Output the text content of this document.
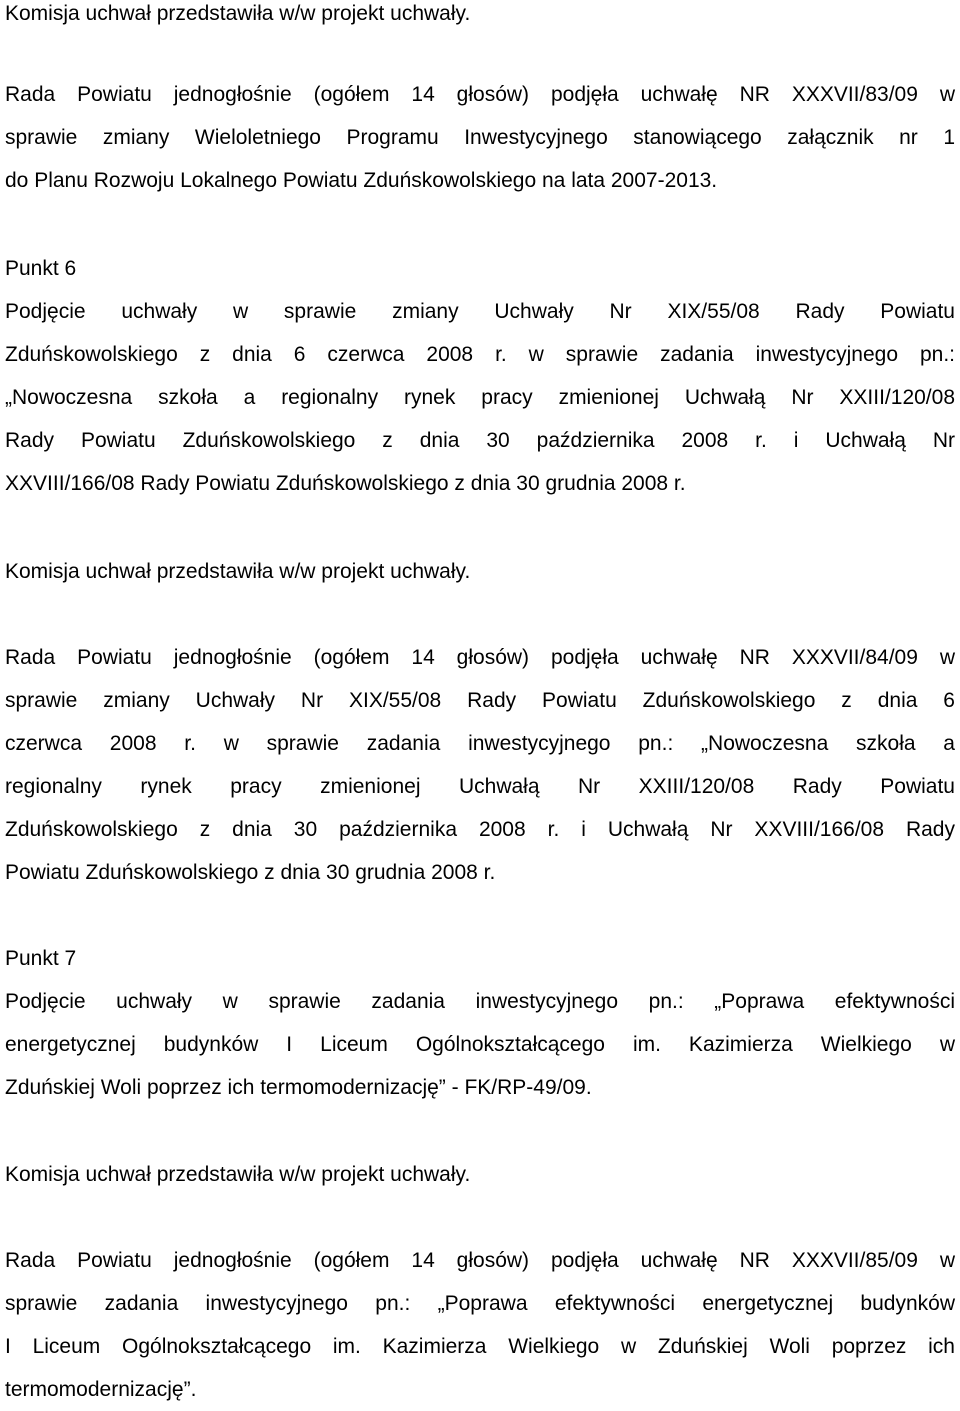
Komisja uchwał przedstawiła w/w projekt uchwały.

Rada Powiatu jednogłośnie (ogółem 14 głosów) podjęła uchwałę NR XXXVII/83/09 w
sprawie zmiany Wieloletniego Programu Inwestycyjnego stanowiącego załącznik nr 1
do Planu Rozwoju Lokalnego Powiatu Zduńskowolskiego na lata 2007-2013.

Punkt 6
Podjęcie uchwały w sprawie zmiany Uchwały Nr XIX/55/08 Rady Powiatu
Zduńskowolskiego z dnia 6 czerwca 2008 r. w sprawie zadania inwestycyjnego pn.:
„Nowoczesna szkoła a regionalny rynek pracy zmienionej Uchwałą Nr XXIII/120/08
Rady Powiatu Zduńskowolskiego z dnia 30 października 2008 r. i Uchwałą Nr
XXVIII/166/08 Rady Powiatu Zduńskowolskiego z dnia 30 grudnia 2008 r.

Komisja uchwał przedstawiła w/w projekt uchwały.

Rada Powiatu jednogłośnie (ogółem 14 głosów) podjęła uchwałę NR XXXVII/84/09 w
sprawie zmiany Uchwały Nr XIX/55/08 Rady Powiatu Zduńskowolskiego z dnia 6
czerwca 2008 r. w sprawie zadania inwestycyjnego pn.: „Nowoczesna szkoła a
regionalny rynek pracy zmienionej Uchwałą Nr XXIII/120/08 Rady Powiatu
Zduńskowolskiego z dnia 30 października 2008 r. i Uchwałą Nr XXVIII/166/08 Rady
Powiatu Zduńskowolskiego z dnia 30 grudnia 2008 r.

Punkt 7
Podjęcie uchwały w sprawie zadania inwestycyjnego pn.: „Poprawa efektywności
energetycznej budynków I Liceum Ogólnokształcącego im. Kazimierza Wielkiego w
Zduńskiej Woli poprzez ich termomodernizację” - FK/RP-49/09.

Komisja uchwał przedstawiła w/w projekt uchwały.

Rada Powiatu jednogłośnie (ogółem 14 głosów) podjęła uchwałę NR XXXVII/85/09 w
sprawie zadania inwestycyjnego pn.: „Poprawa efektywności energetycznej budynków
I Liceum Ogólnokształcącego im. Kazimierza Wielkiego w Zduńskiej Woli poprzez ich
termomodernizację”.
